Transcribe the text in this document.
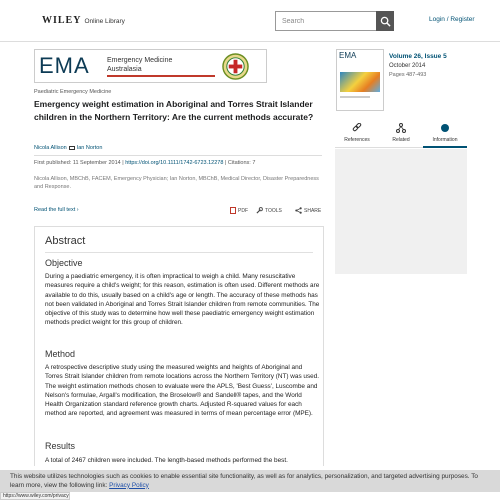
WILEY Online Library
Search	Login / Register
EMA Emergency Medicine
Australasia
Paediatric Emergency Medicine
Emergency weight estimation in Aboriginal and Torres Strait Islander children in the Northern Territory: Are the current methods accurate?
Nicola Allison Ian Norton
First published: 11 September 2014 | https://doi.org/10.1111/1742-6723.12278 | Citations: 7
Nicola Allison, MBChB, FACEM, Emergency Physician; Ian Norton, MBChB, Medical Director, Disaster Preparedness and Response.
Read the full text ›	PDF	TOOLS	SHARE
Abstract
Objective
During a paediatric emergency, it is often impractical to weigh a child. Many resuscitative measures require a child's weight; for this reason, estimation is often used. Different methods are available to do this, usually based on a child's age or length. The accuracy of these methods has not been validated in Aboriginal and Torres Strait Islander children from remote communities. The objective of this study was to determine how well these paediatric emergency weight estimation methods predict weight for this group of children.
Method
A retrospective descriptive study using the measured weights and heights of Aboriginal and Torres Strait Islander children from remote locations across the Northern Territory (NT) was used. The weight estimation methods chosen to evaluate were the APLS, 'Best Guess', Luscombe and Nelson's formulae, Argall's modification, the Broselow® and Sandell® tapes, and the World Health Organization standard reference growth charts. Adjusted R-squared values for each method are reported, and agreement was measured in terms of mean percentage error (MPE).
Results
A total of 2467 children were included. The length-based methods performed the best.
EMA	Volume 26, Issue 5
October 2014
Pages 487-493
References	Related	Information
This website utilizes technologies such as cookies to enable essential site functionality, as well as for analytics, personalization, and targeted advertising purposes. To learn more, view the following link: Privacy Policy
https://www.wiley.com/privacy
